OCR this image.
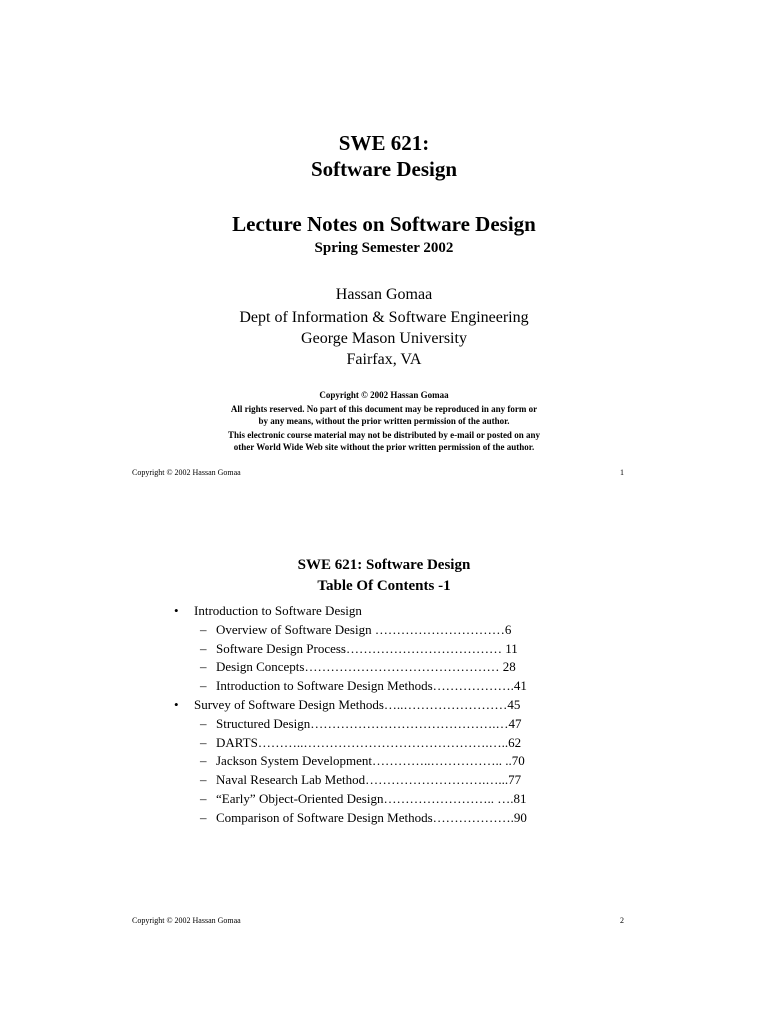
SWE 621:
Software Design
Lecture Notes on Software Design
Spring Semester 2002
Hassan Gomaa
Dept of Information & Software Engineering
George Mason University
Fairfax, VA
Copyright © 2002 Hassan Gomaa
All rights reserved. No part of this document may be reproduced in any form or
by any means, without the prior written permission of the author.
This electronic course material may not be distributed by e-mail or posted on any
other World Wide Web site without the prior written permission of the author.
Copyright © 2002 Hassan Gomaa	1
SWE 621: Software Design
Table Of Contents -1
• Introduction to Software Design
– Overview of Software Design …………………………6
– Software Design Process……………………………… 11
– Design Concepts……………………………………… 28
– Introduction to Software Design Methods……………….41
• Survey of Software Design Methods…..……………………45
– Structured Design…………………………………….…47
– DARTS………..…………………………………….…..62
– Jackson System Development…………..…………….. ..70
– Naval Research Lab Method……………………….…...77
– “Early” Object-Oriented Design…………………….. ….81
– Comparison of Software Design Methods……………….90
Copyright © 2002 Hassan Gomaa	2
